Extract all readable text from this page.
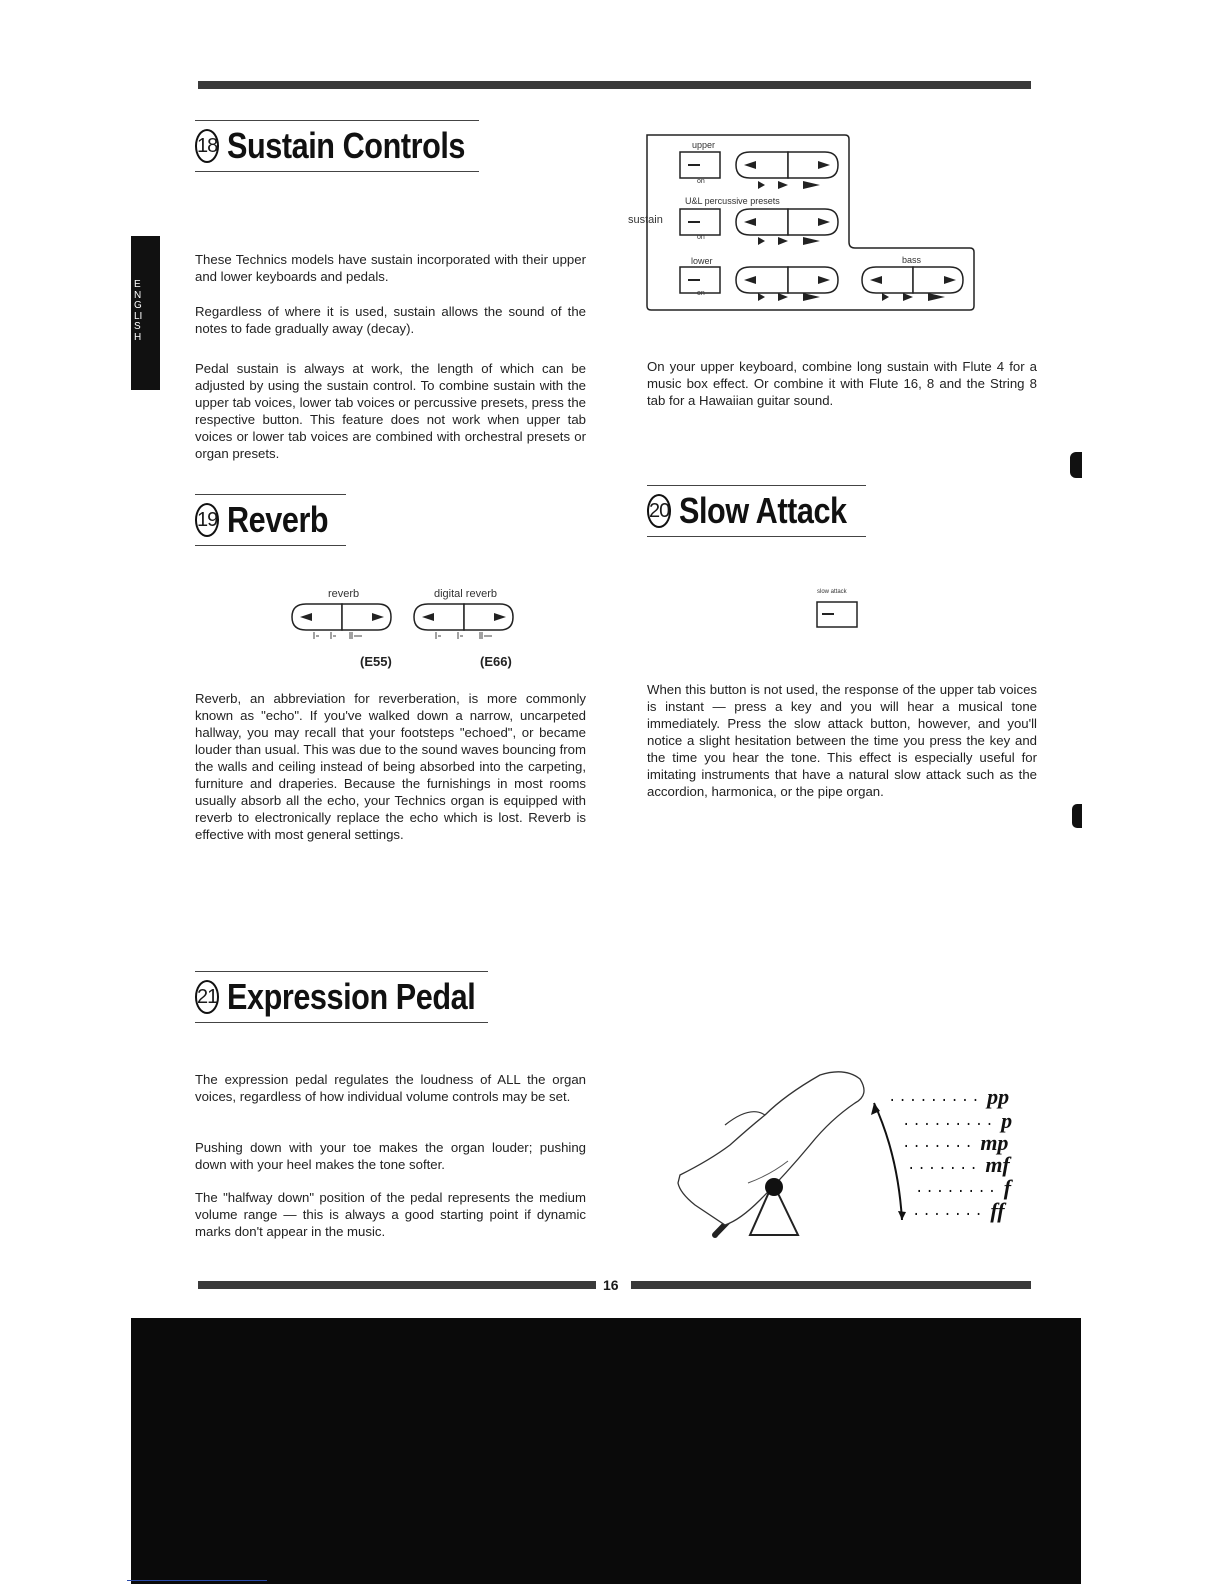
ENGLISH
18 Sustain Controls

These Technics models have sustain incorporated with their upper and lower keyboards and pedals.

Regardless of where it is used, sustain allows the sound of the notes to fade gradually away (decay).

Pedal sustain is always at work, the length of which can be adjusted by using the sustain control. To combine sustain with the upper tab voices, lower tab voices or percussive presets, press the respective button. This feature does not work when upper tab voices or lower tab voices are combined with orchestral presets or organ presets.

upper
on
U&L percussive presets
sustain
on
lower	bass
on

On your upper keyboard, combine long sustain with Flute 4 for a music box effect. Or combine it with Flute 16, 8 and the String 8 tab for a Hawaiian guitar sound.

19 Reverb
reverb	digital reverb
(E55)	(E66)

Reverb, an abbreviation for reverberation, is more commonly known as "echo". If you've walked down a narrow, uncarpeted hallway, you may recall that your footsteps "echoed", or became louder than usual. This was due to the sound waves bouncing from the walls and ceiling instead of being absorbed into the carpeting, furniture and draperies. Because the furnishings in most rooms usually absorb all the echo, your Technics organ is equipped with reverb to electronically replace the echo which is lost. Reverb is effective with most general settings.

20 Slow Attack
slow attack

When this button is not used, the response of the upper tab voices is instant — press a key and you will hear a musical tone immediately. Press the slow attack button, however, and you'll notice a slight hesitation between the time you press the key and the time you hear the tone. This effect is especially useful for imitating instruments that have a natural slow attack such as the accordion, harmonica, or the pipe organ.

21 Expression Pedal

The expression pedal regulates the loudness of ALL the organ voices, regardless of how individual volume controls may be set.

Pushing down with your toe makes the organ louder; pushing down with your heel makes the tone softer.

The "halfway down" position of the pedal represents the medium volume range — this is always a good starting point if dynamic marks don't appear in the music.

········· pp
········· p
······· mp
······· mf
········ f
······· ff
16
